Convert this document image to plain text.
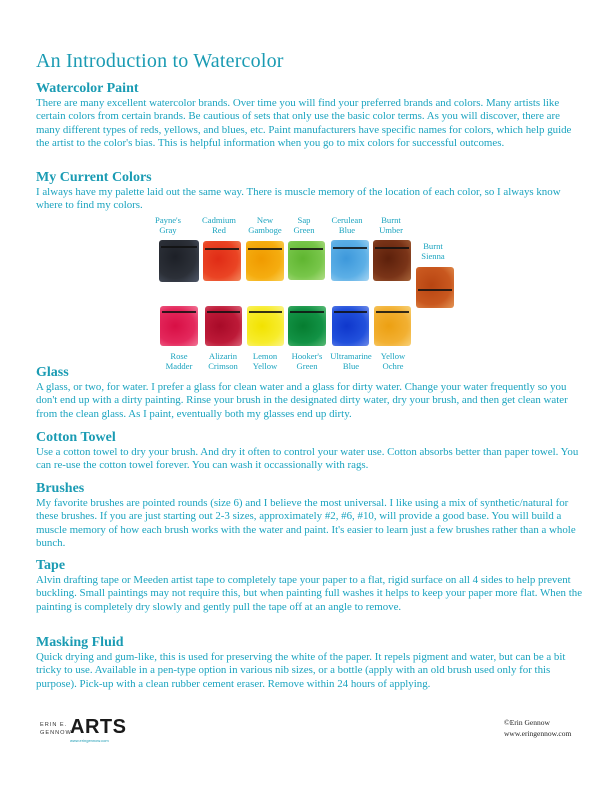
An Introduction to Watercolor
Watercolor Paint

There are many excellent watercolor brands. Over time you will find your preferred brands and colors. Many artists like certain colors from certain brands. Be cautious of sets that only use the basic color terms. As you will discover, there are many different types of reds, yellows, and blues, etc. Paint manufacturers have specific names for colors, which help guide the artist to the color's bias. This is helpful information when you go to mix colors for successful outcomes.

My Current Colors

I always have my palette laid out the same way. There is muscle memory of the location of each color, so I always know where to find my colors.

Payne's
Gray
Cadmium
Red
New
Gamboge
Sap
Green
Cerulean
Blue
Burnt
Umber
Burnt
Sienna
Rose
Madder
Alizarin
Crimson
Lemon
Yellow
Hooker's
Green
Ultramarine
Blue
Yellow
Ochre
Glass

A glass, or two, for water. I prefer a glass for clean water and a glass for dirty water. Change your water frequently so you don't end up with a dirty painting. Rinse your brush in the designated dirty water, dry your brush, and then get clean water from the clean glass. As I paint, eventually both my glasses end up dirty.

Cotton Towel

Use a cotton towel to dry your brush. And dry it often to control your water use. Cotton absorbs better than paper towel. You can re-use the cotton towel forever. You can wash it occassionally with rags.

Brushes

My favorite brushes are pointed rounds (size 6) and I believe the most universal. I like using a mix of synthetic/natural for these brushes. If you are just starting out 2-3 sizes, approximately #2, #6, #10, will provide a good base. You will build a muscle memory of how each brush works with the water and paint. It's easier to learn just a few brushes rather than a whole bunch.

Tape

Alvin drafting tape or Meeden artist tape to completely tape your paper to a flat, rigid surface on all 4 sides to help prevent buckling. Small paintings may not require this, but when painting full washes it helps to keep your paper more flat. When the painting is completely dry slowly and gently pull the tape off at an angle to remove.

Masking Fluid

Quick drying and gum-like, this is used for preserving the white of the paper. It repels pigment and water, but can be a bit tricky to use. Available in a pen-type option in various nib sizes, or a bottle (apply with an old brush used only for this purpose). Pick-up with a clean rubber cement eraser. Remove within 24 hours of applying.

ERIN E.
GENNOW
ARTS
www.eringennow.com
©Erin Gennow
www.eringennow.com
